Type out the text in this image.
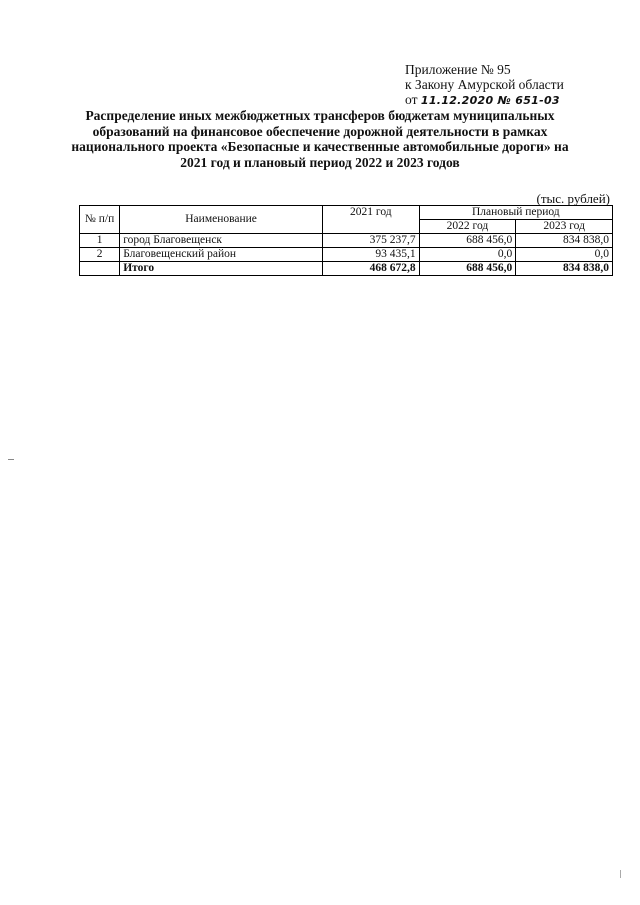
Приложение № 95
к Закону Амурской области
от 11.12.2020 № 651-03
Распределение иных межбюджетных трансферов бюджетам муниципальных образований на финансовое обеспечение дорожной деятельности в рамках национального проекта «Безопасные и качественные автомобильные дороги» на 2021 год и плановый период 2022 и 2023 годов
(тыс. рублей)
№ п/п	Наименование	2021 год	Плановый период	
			2022 год	2023 год
1	город Благовещенск	375 237,7	688 456,0	834 838,0
2	Благовещенский район	93 435,1	0,0	0,0
	Итого	468 672,8	688 456,0	834 838,0
